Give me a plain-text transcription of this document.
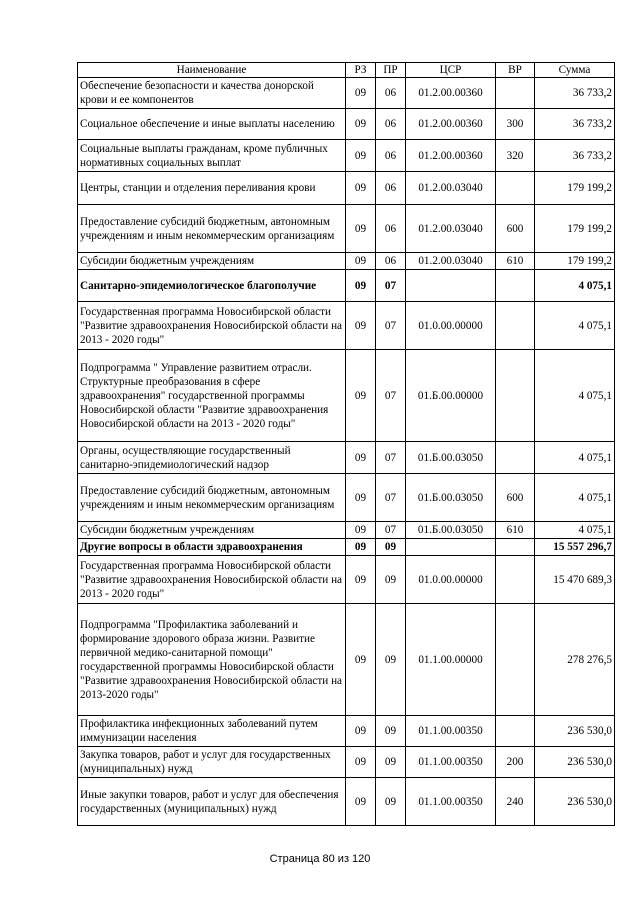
Наименование	РЗ	ПР	ЦСР	ВР	Сумма
Обеспечение безопасности и качества донорской крови и ее компонентов	09	06	01.2.00.00360		36 733,2
Социальное обеспечение и иные выплаты населению	09	06	01.2.00.00360	300	36 733,2
Социальные выплаты гражданам, кроме публичных нормативных социальных выплат	09	06	01.2.00.00360	320	36 733,2
Центры, станции и отделения переливания крови	09	06	01.2.00.03040		179 199,2
Предоставление субсидий бюджетным, автономным учреждениям и иным некоммерческим организациям	09	06	01.2.00.03040	600	179 199,2
Субсидии бюджетным учреждениям	09	06	01.2.00.03040	610	179 199,2
Санитарно-эпидемиологическое благополучие	09	07			4 075,1
Государственная программа Новосибирской области "Развитие здравоохранения Новосибирской области на 2013 - 2020 годы"	09	07	01.0.00.00000		4 075,1
Подпрограмма " Управление развитием отрасли. Структурные преобразования в сфере здравоохранения" государственной программы Новосибирской области "Развитие здравоохранения Новосибирской области на 2013 - 2020 годы"	09	07	01.Б.00.00000		4 075,1
Органы, осуществляющие государственный санитарно-эпидемиологический надзор	09	07	01.Б.00.03050		4 075,1
Предоставление субсидий бюджетным, автономным учреждениям и иным некоммерческим организациям	09	07	01.Б.00.03050	600	4 075,1
Субсидии бюджетным учреждениям	09	07	01.Б.00.03050	610	4 075,1
Другие вопросы в области здравоохранения	09	09			15 557 296,7
Государственная программа Новосибирской области "Развитие здравоохранения Новосибирской области на 2013 - 2020 годы"	09	09	01.0.00.00000		15 470 689,3
Подпрограмма "Профилактика заболеваний и формирование здорового образа жизни. Развитие первичной медико-санитарной помощи" государственной программы Новосибирской области "Развитие здравоохранения Новосибирской области на 2013-2020 годы"	09	09	01.1.00.00000		278 276,5
Профилактика инфекционных заболеваний путем иммунизации населения	09	09	01.1.00.00350		236 530,0
Закупка товаров, работ и услуг для государственных (муниципальных) нужд	09	09	01.1.00.00350	200	236 530,0
Иные закупки товаров, работ и услуг для обеспечения государственных (муниципальных) нужд	09	09	01.1.00.00350	240	236 530,0
Страница 80 из 120
